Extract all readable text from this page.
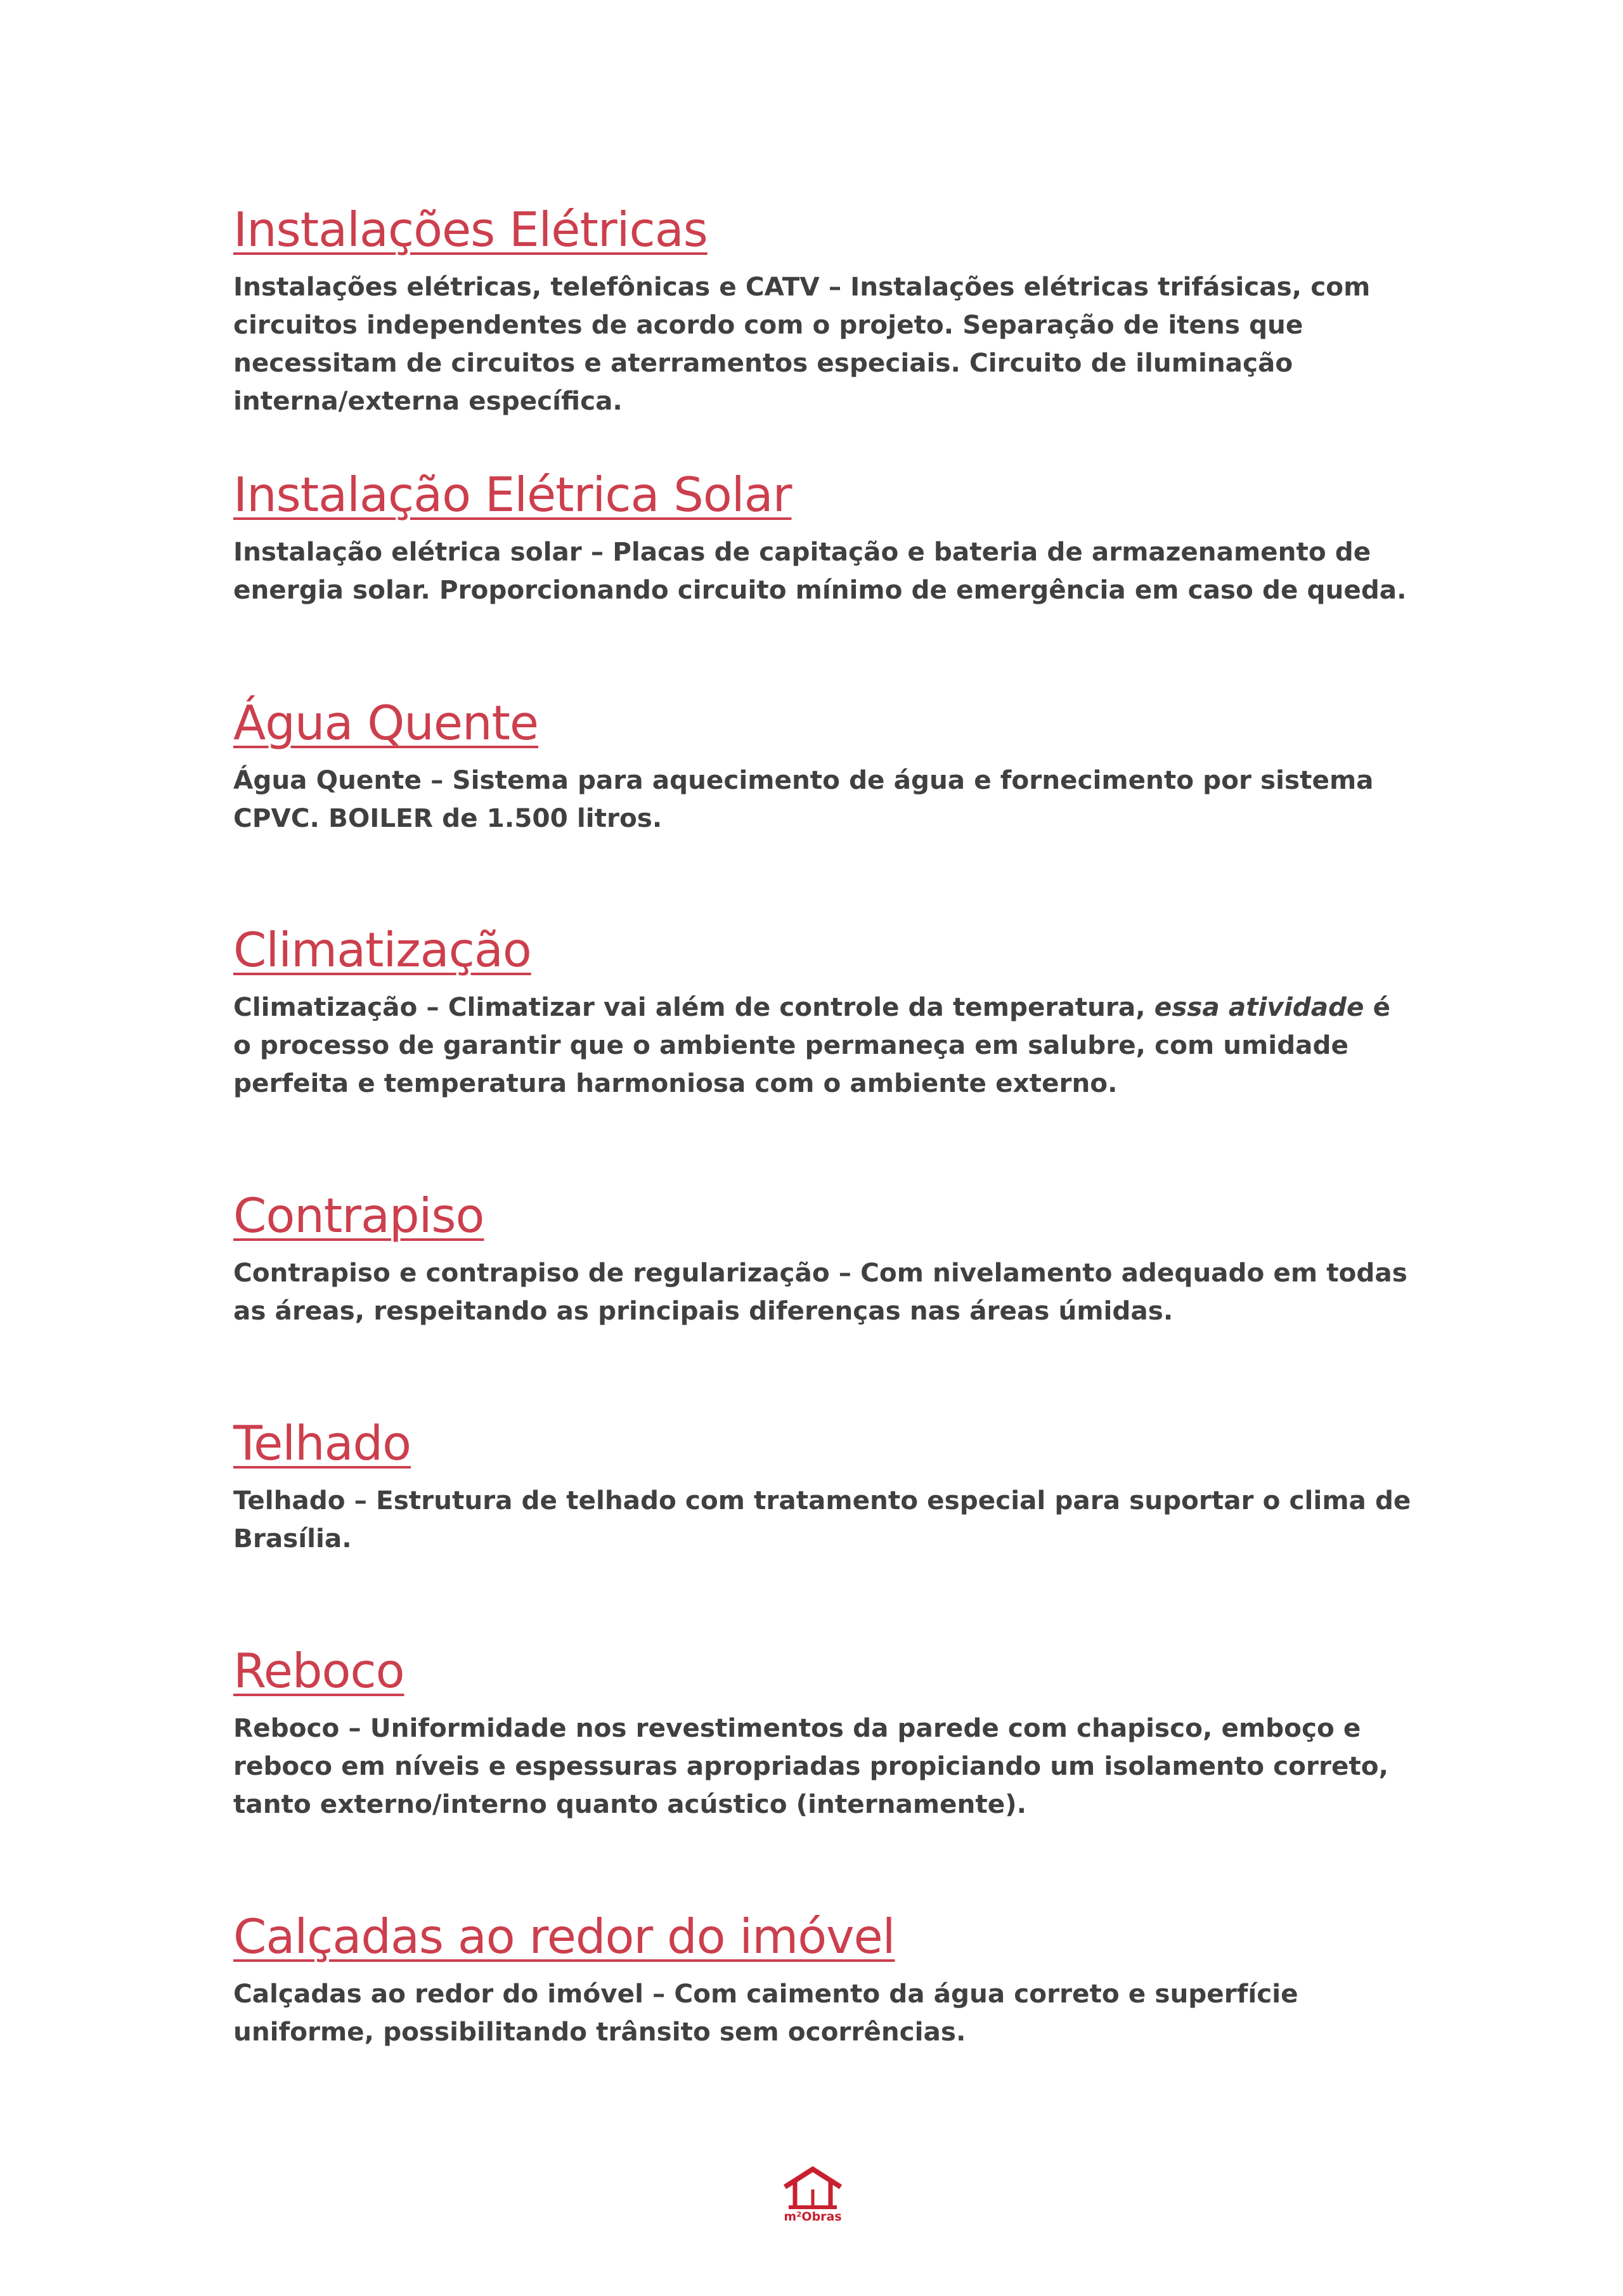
Instalações Elétricas

Instalações elétricas, telefônicas e CATV – Instalações elétricas trifásicas, com circuitos independentes de acordo com o projeto. Separação de itens que necessitam de circuitos e aterramentos especiais. Circuito de iluminação interna/externa específica.

Instalação Elétrica Solar

Instalação elétrica solar – Placas de capitação e bateria de armazenamento de energia solar. Proporcionando circuito mínimo de emergência em caso de queda.

Água Quente

Água Quente – Sistema para aquecimento de água e fornecimento por sistema CPVC. BOILER de 1.500 litros.

Climatização

Climatização – Climatizar vai além de controle da temperatura, essa atividade é o processo de garantir que o ambiente permaneça em salubre, com umidade perfeita e temperatura harmoniosa com o ambiente externo.

Contrapiso

Contrapiso e contrapiso de regularização – Com nivelamento adequado em todas as áreas, respeitando as principais diferenças nas áreas úmidas.

Telhado

Telhado – Estrutura de telhado com tratamento especial para suportar o clima de Brasília.

Reboco

Reboco – Uniformidade nos revestimentos da parede com chapisco, emboço e reboco em níveis e espessuras apropriadas propiciando um isolamento correto, tanto externo/interno quanto acústico (internamente).

Calçadas ao redor do imóvel

Calçadas ao redor do imóvel – Com caimento da água correto e superfície uniforme, possibilitando trânsito sem ocorrências.

m²Obras
